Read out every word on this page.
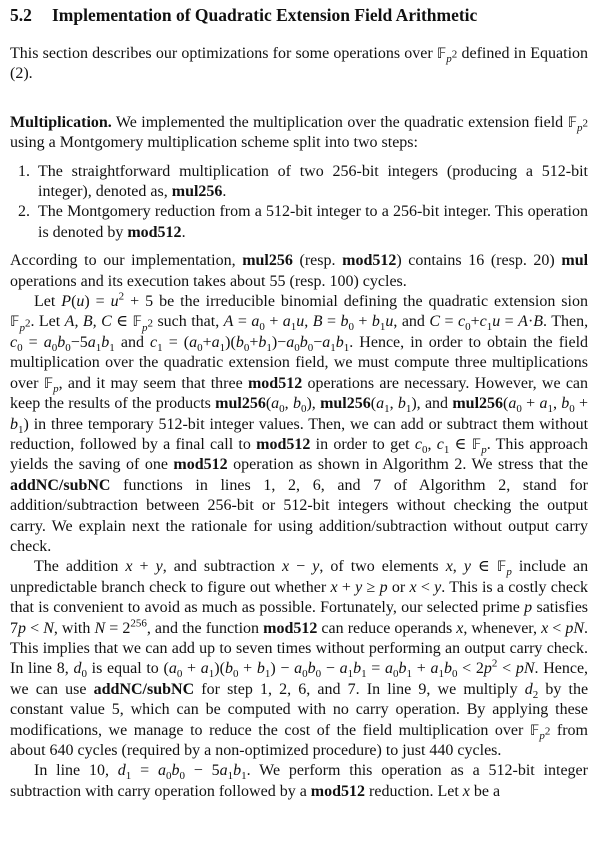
5.2 Implementation of Quadratic Extension Field Arithmetic

This section describes our optimizations for some operations over 𝔽$_{p^2}$ defined in Equation (2).

Multiplication. We implemented the multiplication over the quadratic extension field 𝔽$_{p^2}$ using a Montgomery multiplication scheme split into two steps:

1. The straightforward multiplication of two 256-bit integers (producing a 512-bit integer), denoted as, mul256.
2. The Montgomery reduction from a 512-bit integer to a 256-bit integer. This operation is denoted by mod512.

According to our implementation, mul256 (resp. mod512) contains 16 (resp. 20) mul operations and its execution takes about 55 (resp. 100) cycles.

Let $P(u) = u^2 + 5$ be the irreducible binomial defining the quadratic extension sion 𝔽$_{p^2}$. Let A, B, C ∈ 𝔽$_{p^2}$ such that, $A = a_0 + a_1u$, $B = b_0 + b_1u$, and $C = c_0+c_1u = A\cdot B$. Then, $c_0 = a_0b_0-5a_1b_1$ and $c_1 = (a_0+a_1)(b_0+b_1)-a_0b_0-a_1b_1$. Hence, in order to obtain the field multiplication over the quadratic extension field, we must compute three multiplications over 𝔽$_p$, and it may seem that three mod512 operations are necessary. However, we can keep the results of the products $mul256(a_0$, $b_0$), $mul256(a_1$, $b_1$), and $mul256(a_0 + a_1$, $b_0 + b_1$) in three temporary 512-bit integer values. Then, we can add or subtract them without reduction, followed by a final call to mod512 in order to get $c_0$, $c_1$ ∈ 𝔽$_p$. This approach yields the saving of one mod512 operation as shown in Algorithm 2. We stress that the addNC/subNC functions in lines 1, 2, 6, and 7 of Algorithm 2, stand for addition/subtraction between 256-bit or 512-bit integers without checking the output carry. We explain next the rationale for using addition/subtraction without output carry check.

The addition x + y, and subtraction x − y, of two elements x, y ∈ 𝔽$_p$ include an unpredictable branch check to figure out whether x + y ≥ p or x < y. This is a costly check that is convenient to avoid as much as possible. Fortunately, our selected prime p satisfies 7p < N, with $N = 2^{256}$, and the function mod512 can reduce operands x, whenever, x < pN. This implies that we can add up to seven times without performing an output carry check. In line 8, $d_0$ is equal to $(a_0 + a_1)(b_0 + b_1) - a_0b_0 - a_1b_1 = a_0b_1 + a_1b_0 < 2p^2$ < pN. Hence, we can use addNC/subNC for step 1, 2, 6, and 7. In line 9, we multiply $d_2$ by the constant value 5, which can be computed with no carry operation. By applying these modifications, we manage to reduce the cost of the field multiplication over 𝔽$_{p^2}$ from about 640 cycles (required by a non-optimized procedure) to just 440 cycles.

In line 10, $d_1 = a_0b_0 - 5a_1b_1$. We perform this operation as a 512-bit integer subtraction with carry operation followed by a mod512 reduction. Let x be a
